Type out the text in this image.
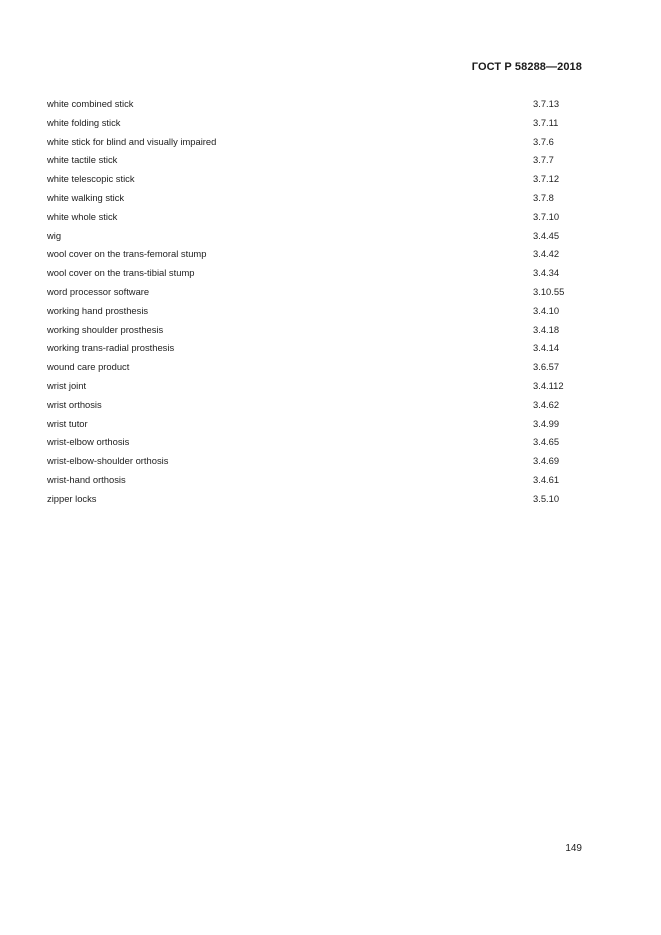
ГОСТ Р 58288—2018
white combined stick	3.7.13
white folding stick	3.7.11
white stick for blind and visually impaired	3.7.6
white tactile stick	3.7.7
white telescopic stick	3.7.12
white walking stick	3.7.8
white whole stick	3.7.10
wig	3.4.45
wool cover on the trans-femoral stump	3.4.42
wool cover on the trans-tibial stump	3.4.34
word processor software	3.10.55
working hand prosthesis	3.4.10
working shoulder prosthesis	3.4.18
working trans-radial prosthesis	3.4.14
wound care product	3.6.57
wrist joint	3.4.112
wrist orthosis	3.4.62
wrist tutor	3.4.99
wrist-elbow orthosis	3.4.65
wrist-elbow-shoulder orthosis	3.4.69
wrist-hand orthosis	3.4.61
zipper locks	3.5.10
149
